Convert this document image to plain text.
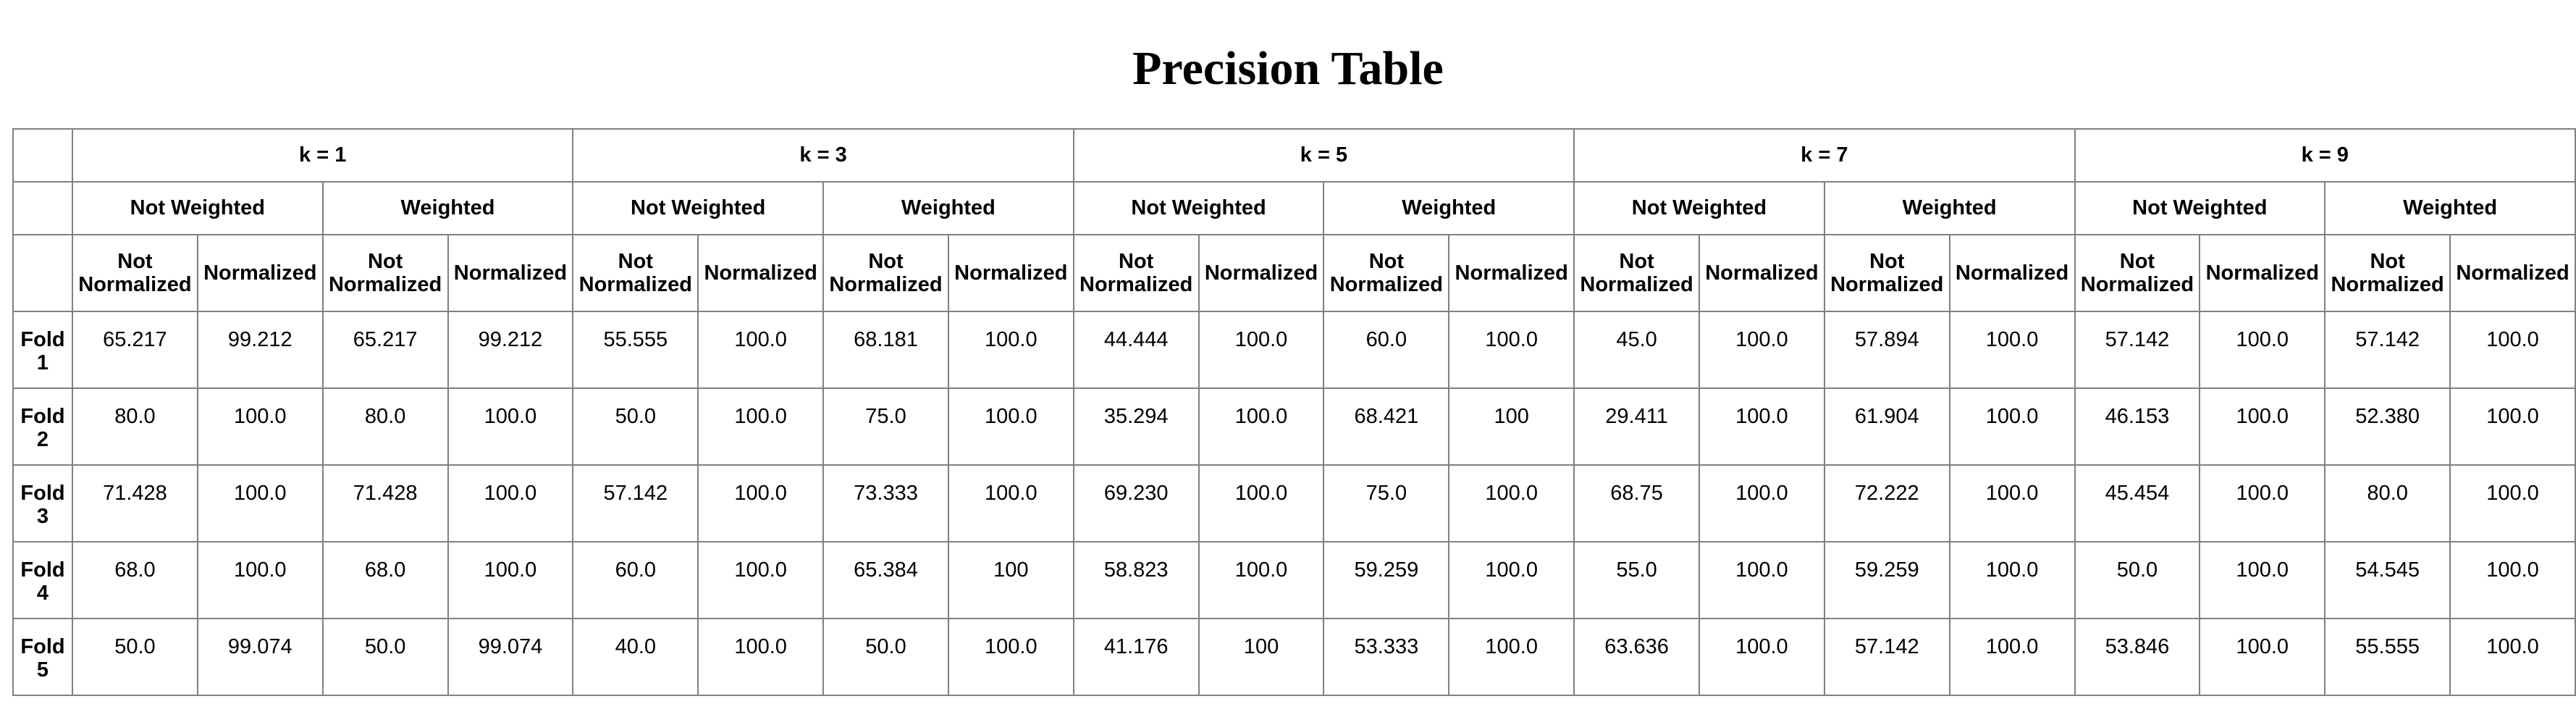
Precision Table
	k = 1				k = 3				k = 5				k = 7				k = 9			
	Not Weighted		Weighted		Not Weighted		Weighted		Not Weighted		Weighted		Not Weighted		Weighted		Not Weighted		Weighted	
	Not Normalized	Normalized	Not Normalized	Normalized	Not Normalized	Normalized	Not Normalized	Normalized	Not Normalized	Normalized	Not Normalized	Normalized	Not Normalized	Normalized	Not Normalized	Normalized	Not Normalized	Normalized	Not Normalized	Normalized
Fold 1	65.217	99.212	65.217	99.212	55.555	100.0	68.181	100.0	44.444	100.0	60.0	100.0	45.0	100.0	57.894	100.0	57.142	100.0	57.142	100.0
Fold 2	80.0	100.0	80.0	100.0	50.0	100.0	75.0	100.0	35.294	100.0	68.421	100	29.411	100.0	61.904	100.0	46.153	100.0	52.380	100.0
Fold 3	71.428	100.0	71.428	100.0	57.142	100.0	73.333	100.0	69.230	100.0	75.0	100.0	68.75	100.0	72.222	100.0	45.454	100.0	80.0	100.0
Fold 4	68.0	100.0	68.0	100.0	60.0	100.0	65.384	100	58.823	100.0	59.259	100.0	55.0	100.0	59.259	100.0	50.0	100.0	54.545	100.0
Fold 5	50.0	99.074	50.0	99.074	40.0	100.0	50.0	100.0	41.176	100	53.333	100.0	63.636	100.0	57.142	100.0	53.846	100.0	55.555	100.0
